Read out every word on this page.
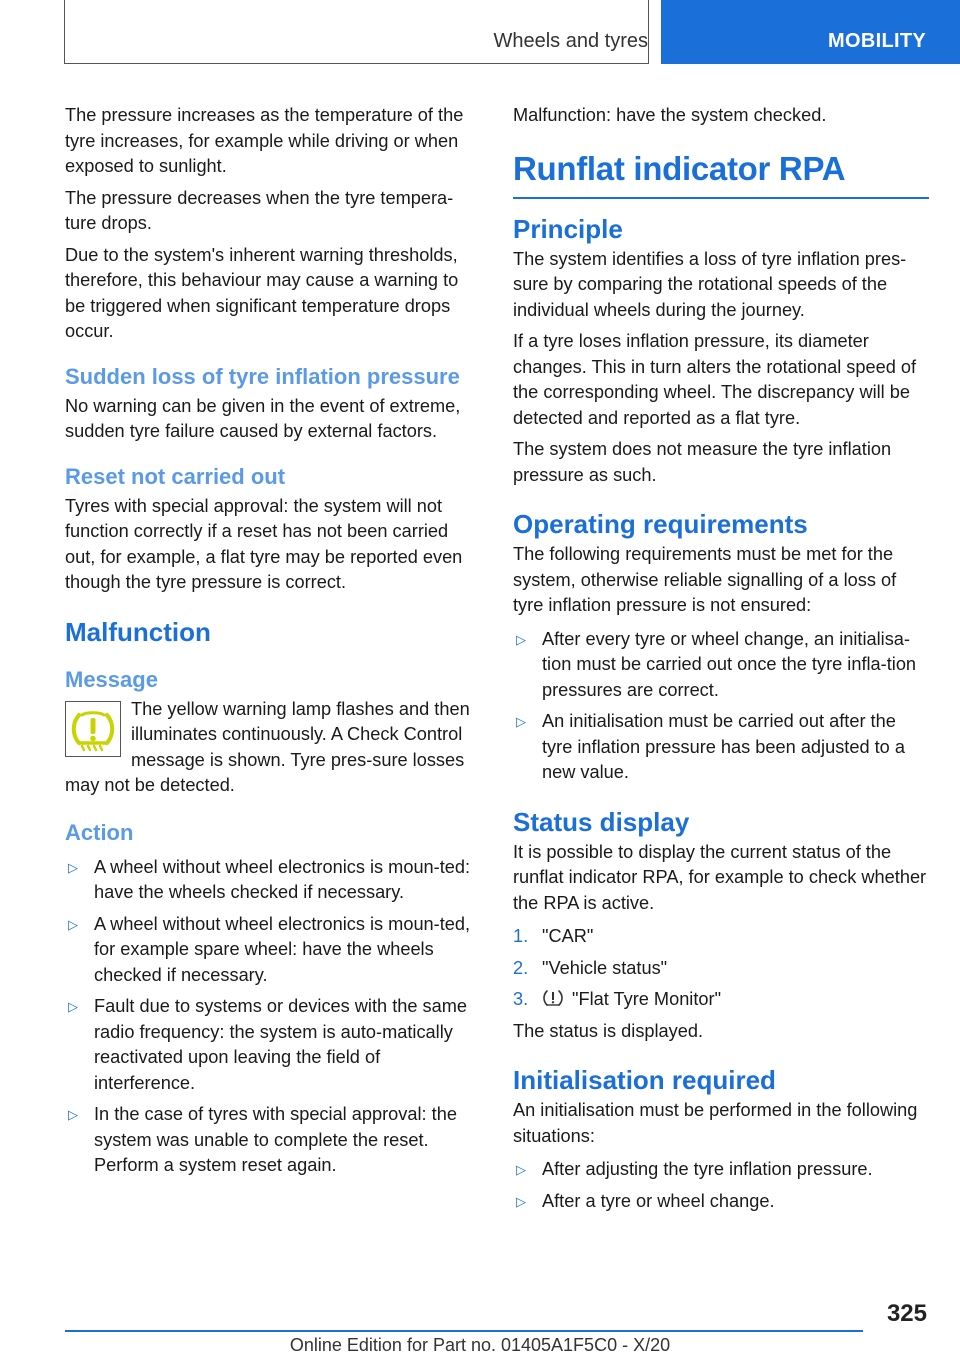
Wheels and tyres	MOBILITY

The pressure increases as the temperature of the tyre increases, for example while driving or when exposed to sunlight.

The pressure decreases when the tyre tempera-ture drops.

Due to the system's inherent warning thresholds, therefore, this behaviour may cause a warning to be triggered when significant temperature drops occur.

Sudden loss of tyre inflation pressure

No warning can be given in the event of extreme, sudden tyre failure caused by external factors.

Reset not carried out

Tyres with special approval: the system will not function correctly if a reset has not been carried out, for example, a flat tyre may be reported even though the tyre pressure is correct.

Malfunction
Message

The yellow warning lamp flashes and then illuminates continuously. A Check Control message is shown. Tyre pres-sure losses may not be detected.

Action
▷ A wheel without wheel electronics is moun-ted: have the wheels checked if necessary.
▷ A wheel without wheel electronics is moun-ted, for example spare wheel: have the wheels checked if necessary.
▷ Fault due to systems or devices with the same radio frequency: the system is auto-matically reactivated upon leaving the field of interference.
▷ In the case of tyres with special approval: the system was unable to complete the reset. Perform a system reset again.

Malfunction: have the system checked.

Runflat indicator RPA
Principle

The system identifies a loss of tyre inflation pres-sure by comparing the rotational speeds of the individual wheels during the journey.

If a tyre loses inflation pressure, its diameter changes. This in turn alters the rotational speed of the corresponding wheel. The discrepancy will be detected and reported as a flat tyre.

The system does not measure the tyre inflation pressure as such.

Operating requirements

The following requirements must be met for the system, otherwise reliable signalling of a loss of tyre inflation pressure is not ensured:

▷ After every tyre or wheel change, an initialisa-tion must be carried out once the tyre infla-tion pressures are correct.
▷ An initialisation must be carried out after the tyre inflation pressure has been adjusted to a new value.
Status display

It is possible to display the current status of the runflat indicator RPA, for example to check whether the RPA is active.

1. "CAR"
2. "Vehicle status"
3. "Flat Tyre Monitor"

The status is displayed.

Initialisation required

An initialisation must be performed in the following situations:

▷ After adjusting the tyre inflation pressure.
▷ After a tyre or wheel change.
325
Online Edition for Part no. 01405A1F5C0 - X/20
